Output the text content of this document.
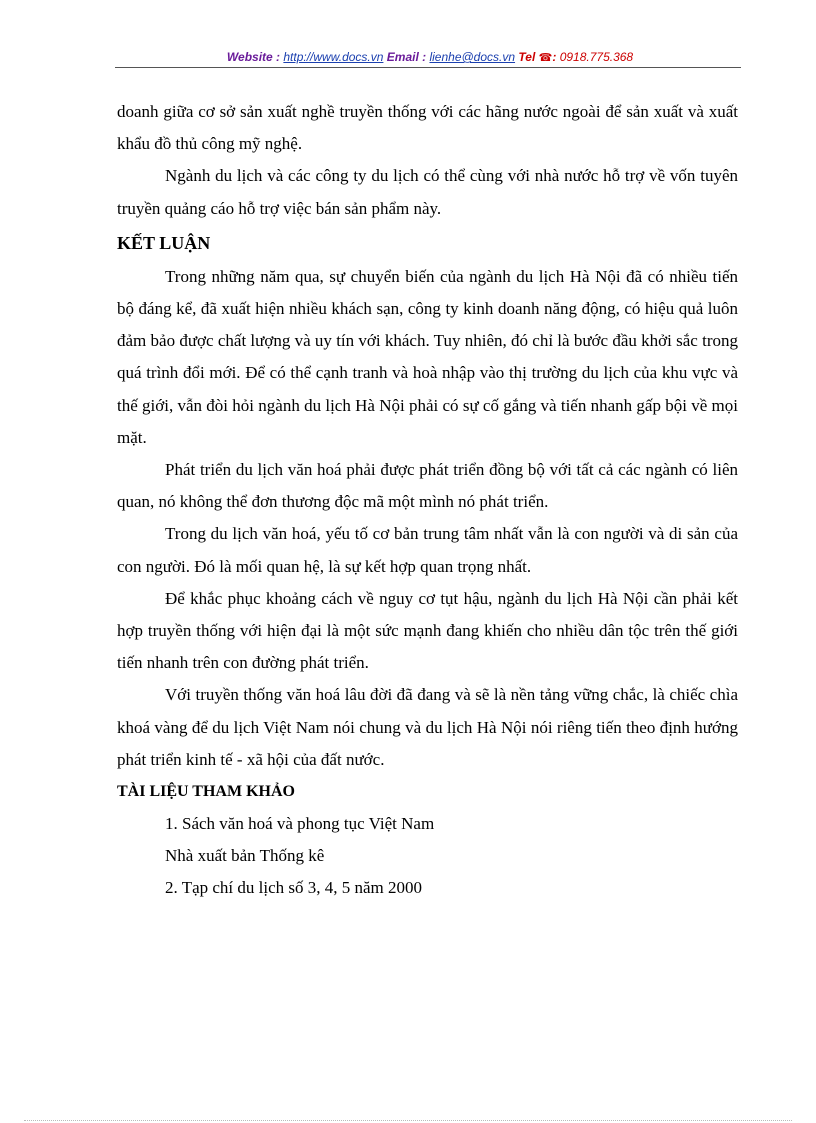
Website : http://www.docs.vn Email : lienhe@docs.vn Tel ☎: 0918.775.368

doanh giữa cơ sở sản xuất nghề truyền thống với các hãng nước ngoài để sản xuất và xuất khẩu đồ thủ công mỹ nghệ.

Ngành du lịch và các công ty du lịch có thể cùng với nhà nước hỗ trợ về vốn tuyên truyền quảng cáo hỗ trợ việc bán sản phẩm này.

KẾT LUẬN

Trong những năm qua, sự chuyển biến của ngành du lịch Hà Nội đã có nhiều tiến bộ đáng kể, đã xuất hiện nhiều khách sạn, công ty kinh doanh năng động, có hiệu quả luôn đảm bảo được chất lượng và uy tín với khách. Tuy nhiên, đó chỉ là bước đầu khởi sắc trong quá trình đổi mới. Để có thể cạnh tranh và hoà nhập vào thị trường du lịch của khu vực và thế giới, vẫn đòi hỏi ngành du lịch Hà Nội phải có sự cố gắng và tiến nhanh gấp bội về mọi mặt.

Phát triển du lịch văn hoá phải được phát triển đồng bộ với tất cả các ngành có liên quan, nó không thể đơn thương độc mã một mình nó phát triển.

Trong du lịch văn hoá, yếu tố cơ bản trung tâm nhất vẫn là con người và di sản của con người. Đó là mối quan hệ, là sự kết hợp quan trọng nhất.

Để khắc phục khoảng cách về nguy cơ tụt hậu, ngành du lịch Hà Nội cần phải kết hợp truyền thống với hiện đại là một sức mạnh đang khiến cho nhiều dân tộc trên thế giới tiến nhanh trên con đường phát triển.

Với truyền thống văn hoá lâu đời đã đang và sẽ là nền tảng vững chắc, là chiếc chìa khoá vàng để du lịch Việt Nam nói chung và du lịch Hà Nội nói riêng tiến theo định hướng phát triển kinh tế - xã hội của đất nước.

TÀI LIỆU THAM KHẢO

1. Sách văn hoá và phong tục Việt Nam

Nhà xuất bản Thống kê

2. Tạp chí du lịch số 3, 4, 5 năm 2000
